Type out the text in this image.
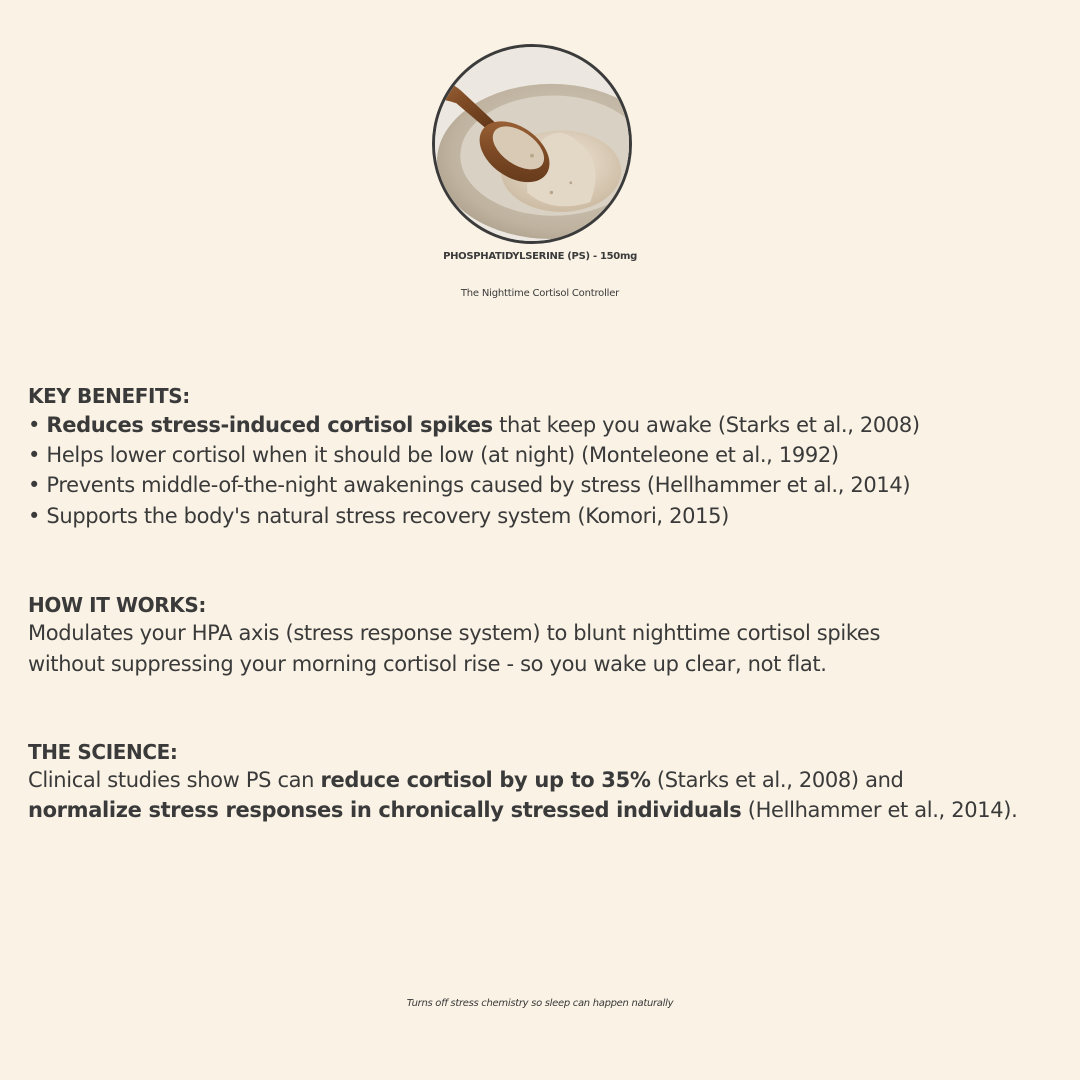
PHOSPHATIDYLSERINE (PS) - 150mg
The Nighttime Cortisol Controller
KEY BENEFITS:
• Reduces stress-induced cortisol spikes that keep you awake (Starks et al., 2008)
• Helps lower cortisol when it should be low (at night) (Monteleone et al., 1992)
• Prevents middle-of-the-night awakenings caused by stress (Hellhammer et al., 2014)
• Supports the body's natural stress recovery system (Komori, 2015)
HOW IT WORKS:
Modulates your HPA axis (stress response system) to blunt nighttime cortisol spikes
without suppressing your morning cortisol rise - so you wake up clear, not flat.
THE SCIENCE:
Clinical studies show PS can reduce cortisol by up to 35% (Starks et al., 2008) and
normalize stress responses in chronically stressed individuals (Hellhammer et al., 2014).
Turns off stress chemistry so sleep can happen naturally
